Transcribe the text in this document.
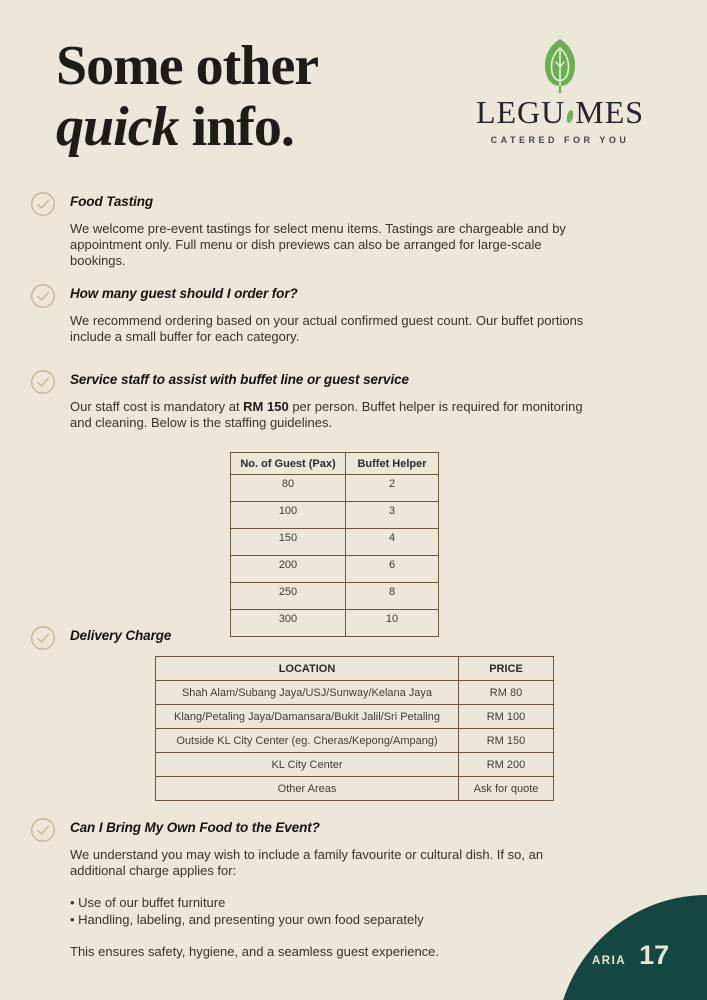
Some other
quick info.	LEGU MES
CATERED FOR YOU
Food Tasting
We welcome pre-event tastings for select menu items. Tastings are chargeable and by appointment only. Full menu or dish previews can also be arranged for large-scale bookings.
How many guest should I order for?
We recommend ordering based on your actual confirmed guest count. Our buffet portions include a small buffer for each category.
Service staff to assist with buffet line or guest service
Our staff cost is mandatory at RM 150 per person. Buffet helper is required for monitoring and cleaning. Below is the staffing guidelines.
No. of Guest (Pax)	Buffet Helper
80	2
100	3
150	4
200	6
250	8
300	10
Delivery Charge
LOCATION	PRICE
Shah Alam/Subang Jaya/USJ/Sunway/Kelana Jaya	RM 80
Klang/Petaling Jaya/Damansara/Bukit Jalil/Sri Petaling	RM 100
Outside KL City Center (eg. Cheras/Kepong/Ampang)	RM 150
KL City Center	RM 200
Other Areas	Ask for quote
Can I Bring My Own Food to the Event?
We understand you may wish to include a family favourite or cultural dish. If so, an additional charge applies for:
• Use of our buffet furniture
• Handling, labeling, and presenting your own food separately
This ensures safety, hygiene, and a seamless guest experience.
ARIA 17
